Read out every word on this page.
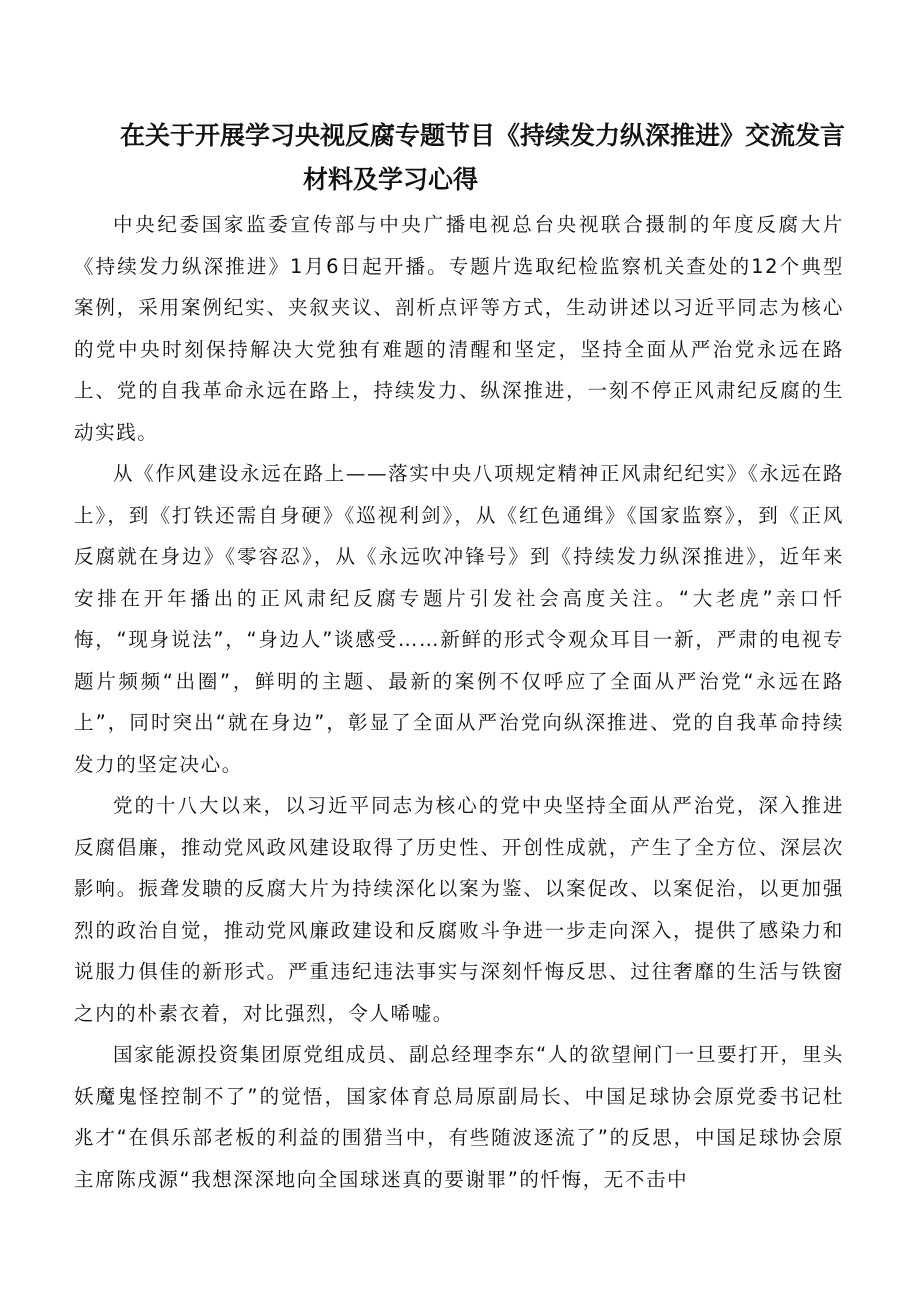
在关于开展学习央视反腐专题节目《持续发力纵深推进》交流发言
材料及学习心得

中央纪委国家监委宣传部与中央广播电视总台央视联合摄制的年度反腐大片《持续发力纵深推进》1月6日起开播。专题片选取纪检监察机关查处的12个典型案例，采用案例纪实、夹叙夹议、剖析点评等方式，生动讲述以习近平同志为核心的党中央时刻保持解决大党独有难题的清醒和坚定，坚持全面从严治党永远在路上、党的自我革命永远在路上，持续发力、纵深推进，一刻不停正风肃纪反腐的生动实践。

从《作风建设永远在路上——落实中央八项规定精神正风肃纪纪实》《永远在路上》，到《打铁还需自身硬》《巡视利剑》，从《红色通缉》《国家监察》，到《正风反腐就在身边》《零容忍》，从《永远吹冲锋号》到《持续发力纵深推进》，近年来安排在开年播出的正风肃纪反腐专题片引发社会高度关注。“大老虎”亲口忏悔，“现身说法”，“身边人”谈感受……新鲜的形式令观众耳目一新，严肃的电视专题片频频“出圈”，鲜明的主题、最新的案例不仅呼应了全面从严治党“永远在路上”，同时突出“就在身边”，彰显了全面从严治党向纵深推进、党的自我革命持续发力的坚定决心。

党的十八大以来，以习近平同志为核心的党中央坚持全面从严治党，深入推进反腐倡廉，推动党风政风建设取得了历史性、开创性成就，产生了全方位、深层次影响。振聋发聩的反腐大片为持续深化以案为鉴、以案促改、以案促治，以更加强烈的政治自觉，推动党风廉政建设和反腐败斗争进一步走向深入，提供了感染力和说服力俱佳的新形式。严重违纪违法事实与深刻忏悔反思、过往奢靡的生活与铁窗之内的朴素衣着，对比强烈，令人唏嘘。

国家能源投资集团原党组成员、副总经理李东“人的欲望闸门一旦要打开，里头妖魔鬼怪控制不了”的觉悟，国家体育总局原副局长、中国足球协会原党委书记杜兆才“在俱乐部老板的利益的围猎当中，有些随波逐流了”的反思，中国足球协会原主席陈戌源“我想深深地向全国球迷真的要谢罪”的忏悔，无不击中
